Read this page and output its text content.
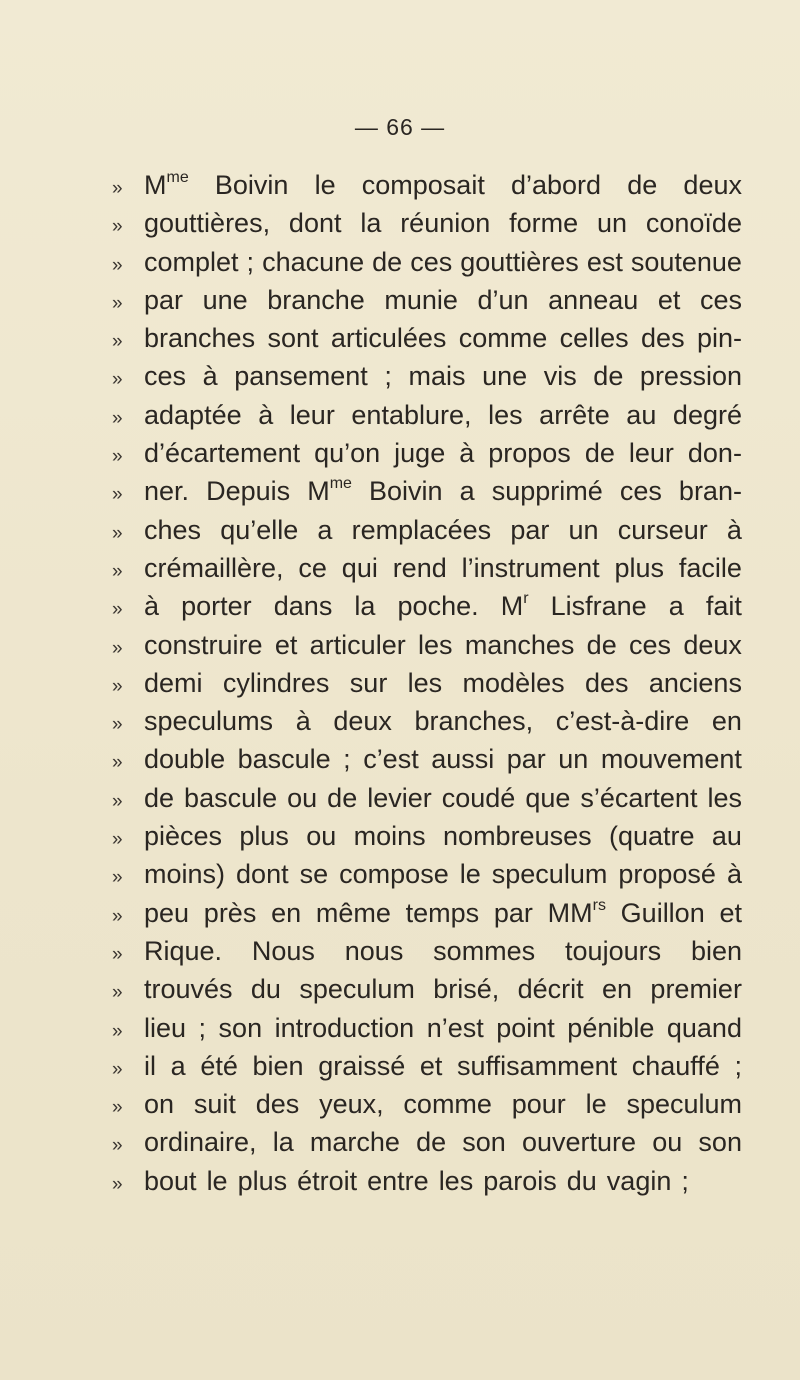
— 66 —
» $M^{me}$ Boivin le composait d’abord de deux
» gouttières, dont la réunion forme un conoïde
» complet ; chacune de ces gouttières est soutenue
» par une branche munie d’un anneau et ces
» branches sont articulées comme celles des pin-
» ces à pansement ; mais une vis de pression
» adaptée à leur entablure, les arrête au degré
» d’écartement qu’on juge à propos de leur don-
» ner. Depuis $M^{me}$ Boivin a supprimé ces bran-
» ches qu’elle a remplacées par un curseur à
» crémaillère, ce qui rend l’instrument plus facile
» à porter dans la poche. $M^r$ Lisfrane a fait
» construire et articuler les manches de ces deux
» demi cylindres sur les modèles des anciens
» speculums à deux branches, c’est-à-dire en
» double bascule ; c’est aussi par un mouvement
» de bascule ou de levier coudé que s’écartent les
» pièces plus ou moins nombreuses (quatre au
» moins) dont se compose le speculum proposé à
» peu près en même temps par $MM^{rs}$ Guillon et
» Rique. Nous nous sommes toujours bien
» trouvés du speculum brisé, décrit en premier
» lieu ; son introduction n’est point pénible quand
» il a été bien graissé et suffisamment chauffé ;
» on suit des yeux, comme pour le speculum
» ordinaire, la marche de son ouverture ou son
» bout le plus étroit entre les parois du vagin ;
